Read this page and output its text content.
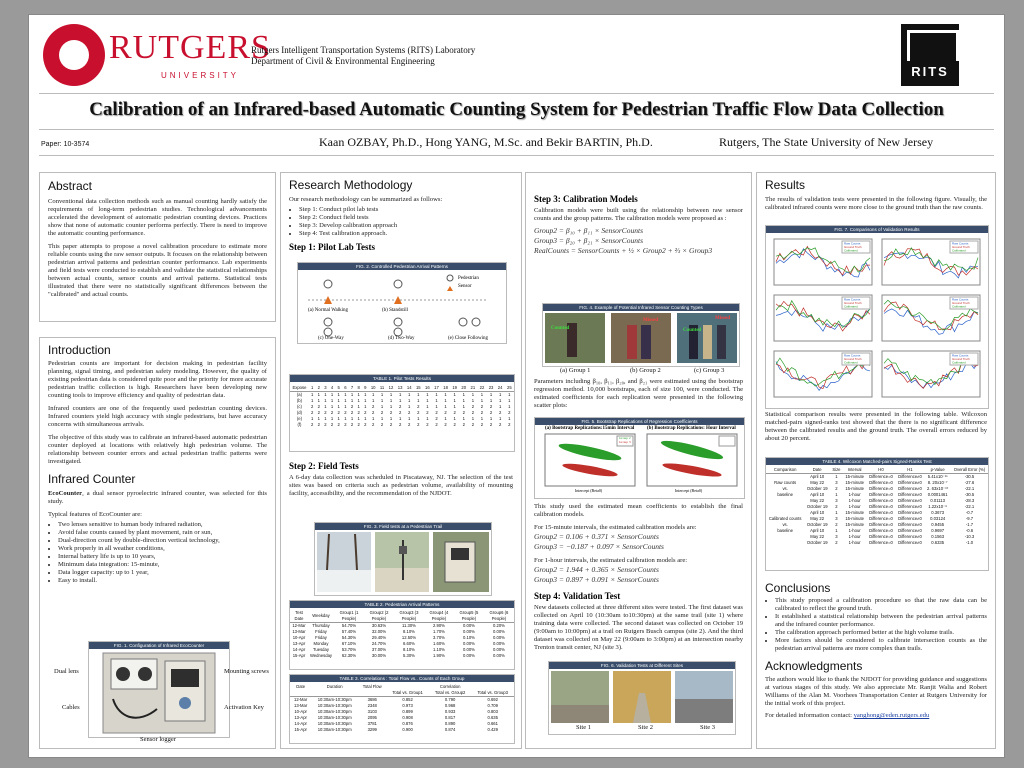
RUTGERS
UNIVERSITY
Rutgers Intelligent Transportation Systems (RITS) Laboratory
Department of Civil & Environmental Engineering
RITS
Calibration of an Infrared-based Automatic Counting System for Pedestrian Traffic Flow Data Collection
Paper: 10-3574	Kaan OZBAY, Ph.D., Hong YANG, M.Sc. and Bekir BARTIN, Ph.D.	Rutgers, The State University of New Jersey
Abstract

Conventional data collection methods such as manual counting hardly satisfy the requirements of long-term pedestrian studies. Technological advancements accelerated the development of automatic pedestrian counting devices. Practices show that none of automatic counter performs perfectly. There is need to improve the automatic counting performance.

This paper attempts to propose a novel calibration procedure to estimate more reliable counts using the raw sensor outputs. It focuses on the relationship between pedestrian arrival patterns and pedestrian counter performance. Lab experiments and field tests were conducted to establish and validate the statistical relationships between actual counts, sensor counts and arrival patterns. Statistical tests illustrated that there were no statistically significant differences between the "calibrated" and actual counts.

Introduction

Pedestrian counts are important for decision making in pedestrian facility planning, signal timing, and pedestrian safety modeling. However, the quality of existing pedestrian data is considered quite poor and the priority for more accurate pedestrian traffic collection is high. Researchers have been developing new counting tools to improve efficiency and quality of pedestrian data.

Infrared counters are one of the frequently used pedestrian counting devices. Infrared counters yield high accuracy with single pedestrians, but have accuracy concerns with simultaneous arrivals.

The objective of this study was to calibrate an infrared-based automatic pedestrian counter deployed at locations with relatively high pedestrian volume. The relationship between counter errors and actual pedestrian traffic patterns were investigated.

Infrared Counter

EcoCounter, a dual sensor pyroelectric infrared counter, was selected for this study.

Typical features of EcoCounter are:

• Two lenses sensitive to human body infrared radiation,
• Avoid false counts caused by plant movement, rain or sun,
• Dual-direction count by double-direction vertical technology,
• Work properly in all weather conditions,
• Internal battery life is up to 10 years,
• Minimum data integration: 15-minute,
• Data logger capacity: up to 1 year,
• Easy to install.
FIG. 1. Configuration of Infrared EcoCounter
Dual lens	Mounting screws
Cables	Activation Key
Sensor logger
Research Methodology

Our research methodology can be summarized as follows:

• Step 1: Conduct pilot lab tests
• Step 2: Conduct field tests
• Step 3: Develop calibration approach
• Step 4: Test calibration approach.
Step 1: Pilot Lab Tests
FIG. 2. Controlled Pedestrian Arrival Patterns
Pedestrian
Sensor
(a) Normal Walking	(b) Standstill
(c) One-Way	(d) Two-Way	(e) Close Following
TABLE 1. Pilot Tests Results
Expose	1	2	3	4	5	6	7	8	9	10	11	12	13	14	15	16	17	18	19	20	21	22	23	24	25
(a)	1	1	1	1	1	1	1	1	1	1	1	1	1	1	1	1	1	1	1	1	1	1	1	1	1
(b)	1	1	1	1	1	1	1	1	1	1	1	1	1	1	1	1	1	1	1	1	1	1	1	1	1
(c)	2	2	1	1	1	1	2	1	1	2	1	1	2	1	2	1	1	1	1	1	2	2	2	1	1
(d)	2	2	2	2	2	2	2	2	2	2	2	2	2	2	2	2	2	2	2	2	2	2	2	2	2
(e)	1	1	1	1	1	1	1	1	1	1	1	1	1	1	1	1	2	1	1	1	1	1	1	1	1
(f)	2	2	2	2	2	2	2	2	2	2	2	2	2	2	2	2	2	2	2	2	2	2	2	2	2
Step 2: Field Tests

A 6-day data collection was scheduled in Piscataway, NJ. The selection of the test sites was based on criteria such as pedestrian volume, availability of mounting facility, accessibility, and the recommendation of the NJDOT.

FIG. 3. Field tests at a Pedestrian Trail
TABLE 2. Pedestrian Arrival Patterns
Test Date	Weekday	Group1 (1 People)	Group2 (2 People)	Group3 (3 People)	Group4 (4 People)	Group5 (5 People)	Group6 (6 People)
12-Mar	Thursday	54.70%	30.63%	11.30%	2.90%	0.00%	0.20%
13-Mar	Friday	57.40%	32.00%	8.10%	1.70%	0.00%	0.00%
10-Apr	Friday	54.30%	29.40%	12.50%	3.70%	0.10%	0.00%
13-Apr	Monday	67.10%	24.70%	6.60%	1.60%	0.00%	0.00%
14-Apr	Tuesday	53.70%	37.00%	8.10%	1.10%	0.00%	0.00%
15-Apr	Wednesday	62.30%	30.00%	5.30%	1.90%	0.00%	0.00%
TABLE 3. Correlations : Total Flow vs.. Counts of Each Group
Date	Duration	Total Flow	Correlation		
			Total vs. Group1	Total vs. Group2	Total vs. Group3
12-Mar	10:30am-10:30pm	3686	0.852	0.790	0.692
13-Mar	10:30am-10:30pm	2348	0.973	0.968	0.709
10-Apr	10:30am-10:30pm	3103	0.899	0.933	0.803
13-Apr	10:30am-10:30pm	2095	0.908	0.817	0.635
14-Apr	10:30am-10:30pm	3781	0.876	0.890	0.661
15-Apr	10:30am-10:30pm	3299	0.900	0.874	0.429
Step 3: Calibration Models

Calibration models were built using the relationship between raw sensor counts and the group patterns. The calibration models were proposed as :

Group2 = β₁₀ + β₁₁ × SensorCounts
Group3 = β₂₀ + β₂₁ × SensorCounts
RealCounts = SensorCounts + ½ × Group2 + ⅔ × Group3
FIG. 4. Example of Potential Infrared Sensor Counting Types
Counted
Missed
Counted
Missed
(a) Group 1	(b) Group 2	(c) Group 3

Parameters including β₁₀, β₁₁, β₂₀, and β₂₁ were estimated using the bootstrap regression method. 10,000 bootstraps, each of size 100, were conducted. The estimated coefficients for each replication were presented in the following scatter plots:

FIG. 5. Bootstrap Replications of Regression Coefficients
(a) Bootstrap Replications:15min Interval	(b) Bootstrap Replications: Hour Interval
Group 2
Group 3
Intercept (Beta0)	Intercept (Beta0)

This study used the estimated mean coefficients to establish the final calibration models.

For 15-minute intervals, the estimated calibration models are:

Group2 = 0.106 + 0.371 × SensorCounts
Group3 = −0.187 + 0.097 × SensorCounts

For 1-hour intervals, the estimated calibration models are:

Group2 = 1.944 + 0.365 × SensorCounts
Group3 = 0.897 + 0.091 × SensorCounts
Step 4: Validation Test

New datasets collected at three different sites were tested. The first dataset was collected on April 10 (10:30am to10:30pm) at the same trail (site 1) where training data were collected. The second dataset was collected on October 19 (9:00am to 10:00pm) at a trail on Rutgers Busch campus (site 2). And the third dataset was collected on May 22 (9:00am to 3:00pm) at an intersection nearby Trenton transit center, NJ (site 3).

FIG. 6. Validation Tests at Different Sites
Site 1	Site 2	Site 3
Results

The results of validation tests were presented in the following figure. Visually, the calibrated infrared counts were more close to the ground truth than the raw counts.

FIG. 7. Comparisons of Validation Results
Raw Counts
Ground Truth
Calibrated
Raw Counts
Ground Truth
Calibrated
Raw Counts
Ground Truth
Calibrated
Raw Counts
Ground Truth
Calibrated
Raw Counts
Ground Truth
Calibrated
Raw Counts
Ground Truth
Calibrated

Statistical comparison results were presented in the following table. Wilcoxon matched-pairs signed-ranks test showed that the there is no significant difference between the calibrated results and the ground truth. The overall errors reduced by about 20 percent.

TABLE 4. Wilcoxon Matched-pairs Signed-Ranks Test
Comparison	Date	Size	Interval	H0	H1	p-Value	Overall Error (%)
	April 10	1	15-minute	Difference=0	Difference≠0	5.41x10⁻¹¹	-30.5
Raw counts	May 22	3	15-minute	Difference=0	Difference≠0	8. 20x10⁻⁷	-27.6
vs.	October 19	2	15-minute	Difference=0	Difference≠0	2. 63x10⁻¹⁰	-22.1
baseline	April 10	1	1-hour	Difference=0	Difference≠0	0.0001461	-30.5
	May 22	3	1-hour	Difference=0	Difference≠0	0.01113	-28.3
	October 19	2	1-hour	Difference=0	Difference≠0	1.22x10⁻⁶	-22.1
	April 10	1	15-minute	Difference=0	Difference≠0	0.3673	-0.7
Calibrated counts	May 22	3	15-minute	Difference=0	Difference≠0	0.03124	-9.7
vs.	October 19	2	15-minute	Difference=0	Difference≠0	0.9455	-1.7
baseline	April 10	1	1-hour	Difference=0	Difference≠0	0.9697	-0.6
	May 22	3	1-hour	Difference=0	Difference≠0	0.1563	-10.3
	October 19	2	1-hour	Difference=0	Difference≠0	0.6335	-1.0
Conclusions
• This study proposed a calibration procedure so that the raw data can be calibrated to reflect the ground truth.
• It established a statistical relationship between the pedestrian arrival patterns and the infrared counter performance.
• The calibration approach performed better at the high volume trails.
• More factors should be considered to calibrate intersection counts as the pedestrian arrival patterns are more complex than trails.
Acknowledgments

The authors would like to thank the NJDOT for providing guidance and suggestions at various stages of this study. We also appreciate Mr. Ranjit Walia and Robert Williams of the Alan M. Voorhees Transportation Center at Rutgers University for the initial work of this project.

For detailed information contact: yanghong@eden.rutgers.edu
